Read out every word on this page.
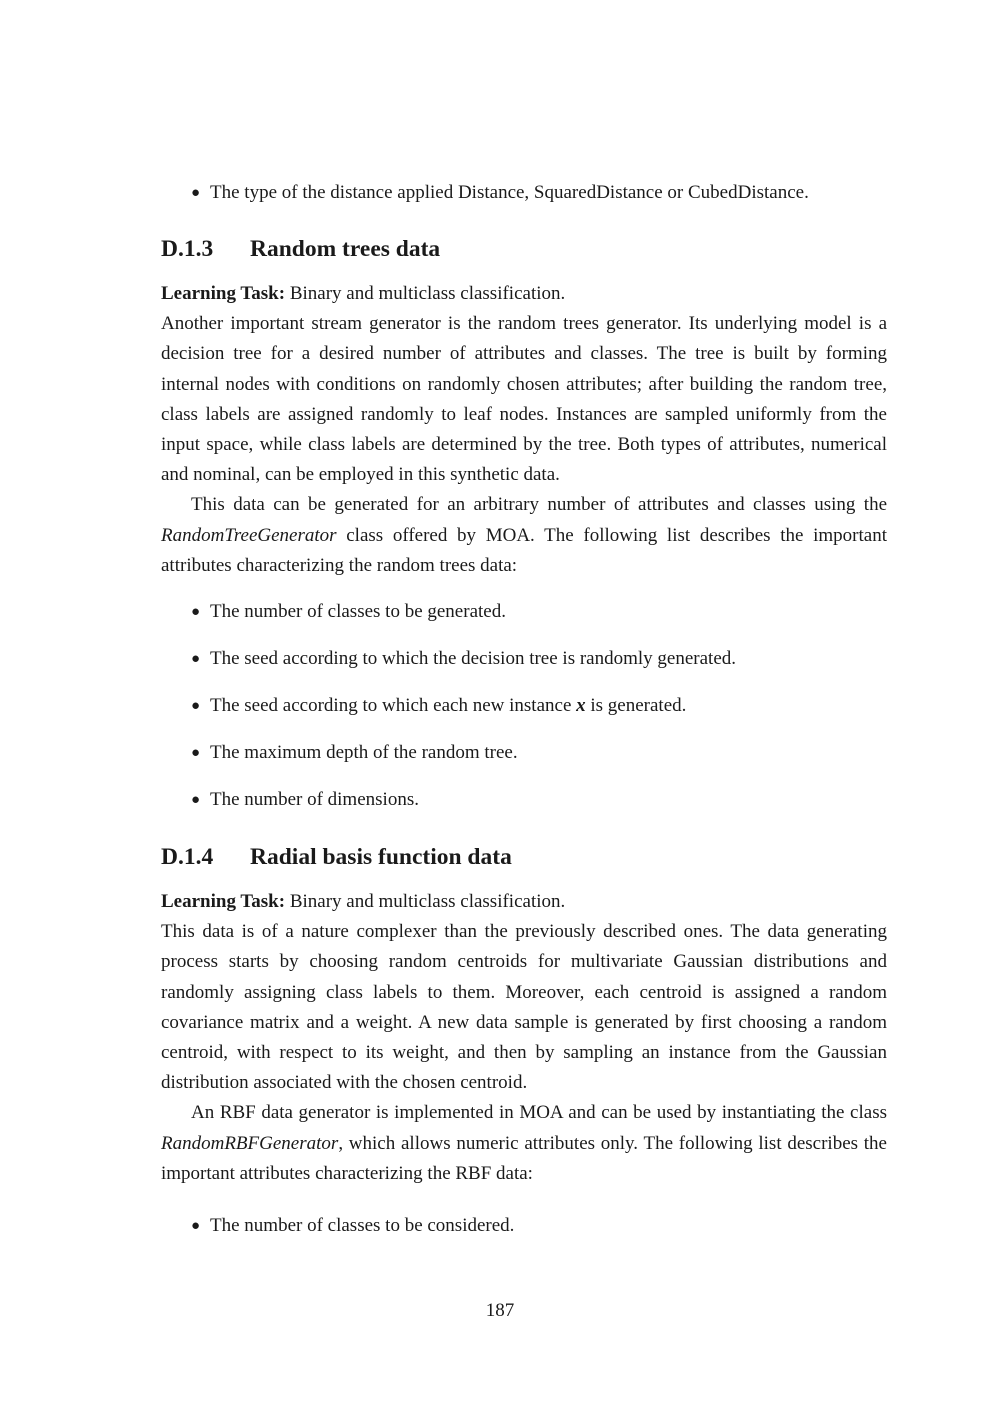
● The type of the distance applied Distance, SquaredDistance or CubedDistance.
D.1.3 Random trees data

Learning Task: Binary and multiclass classification.

Another important stream generator is the random trees generator. Its underlying model is a decision tree for a desired number of attributes and classes. The tree is built by forming internal nodes with conditions on randomly chosen attributes; after building the random tree, class labels are assigned randomly to leaf nodes. Instances are sampled uniformly from the input space, while class labels are determined by the tree. Both types of attributes, numerical and nominal, can be employed in this synthetic data.

This data can be generated for an arbitrary number of attributes and classes using the RandomTreeGenerator class offered by MOA. The following list describes the important attributes characterizing the random trees data:

● The number of classes to be generated.
● The seed according to which the decision tree is randomly generated.
● The seed according to which each new instance x is generated.
● The maximum depth of the random tree.
● The number of dimensions.
D.1.4 Radial basis function data

Learning Task: Binary and multiclass classification.

This data is of a nature complexer than the previously described ones. The data generating process starts by choosing random centroids for multivariate Gaussian distributions and randomly assigning class labels to them. Moreover, each centroid is assigned a random covariance matrix and a weight. A new data sample is generated by first choosing a random centroid, with respect to its weight, and then by sampling an instance from the Gaussian distribution associated with the chosen centroid.

An RBF data generator is implemented in MOA and can be used by instantiating the class RandomRBFGenerator, which allows numeric attributes only. The following list describes the important attributes characterizing the RBF data:

● The number of classes to be considered.
187
